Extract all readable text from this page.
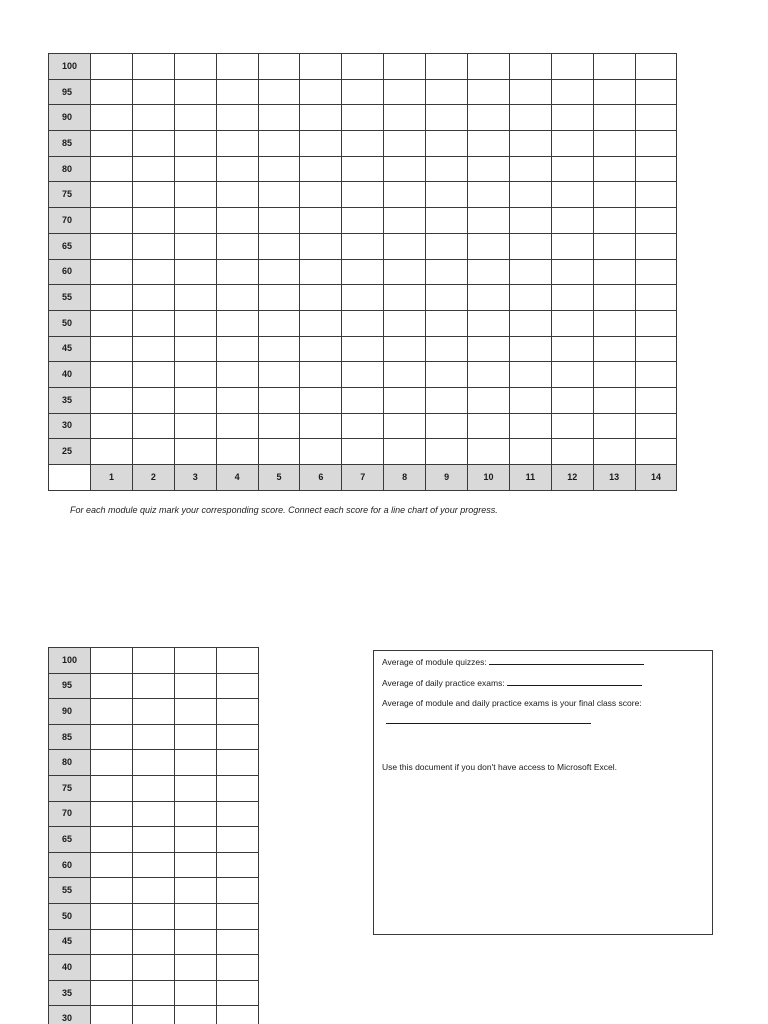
100														
95														
90														
85														
80														
75														
70														
65														
60														
55														
50														
45														
40														
35														
30														
25														
	1	2	3	4	5	6	7	8	9	10	11	12	13	14
For each module quiz mark your corresponding score. Connect each score for a line chart of your progress.
100				
95				
90				
85				
80				
75				
70				
65				
60				
55				
50				
45				
40				
35				
30				
Average of module quizzes:
Average of daily practice exams:
Average of module and daily practice exams is your final class score:
Use this document if you don't have access to Microsoft Excel.
